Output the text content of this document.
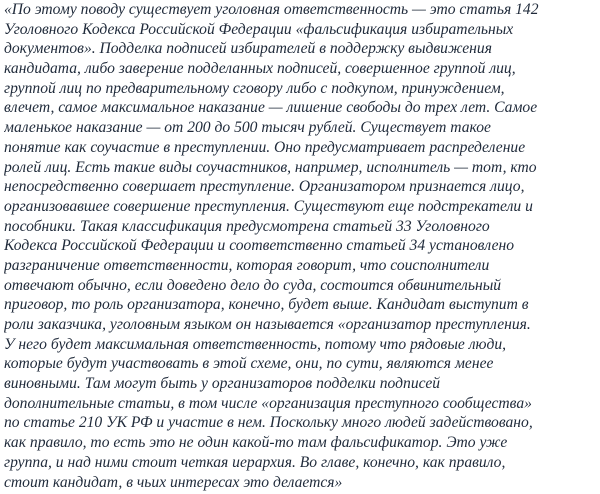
«По этому поводу существует уголовная ответственность — это статья 142
Уголовного Кодекса Российской Федерации «фальсификация избирательных
документов». Подделка подписей избирателей в поддержку выдвижения
кандидата, либо заверение подделанных подписей, совершенное группой лиц,
группой лиц по предварительному сговору либо с подкупом, принуждением,
влечет, самое максимальное наказание — лишение свободы до трех лет. Самое
маленькое наказание — от 200 до 500 тысяч рублей. Существует такое
понятие как соучастие в преступлении. Оно предусматривает распределение
ролей лиц. Есть такие виды соучастников, например, исполнитель — тот, кто
непосредственно совершает преступление. Организатором признается лицо,
организовавшее совершение преступления. Существуют еще подстрекатели и
пособники. Такая классификация предусмотрена статьей 33 Уголовного
Кодекса Российской Федерации и соответственно статьей 34 установлено
разграничение ответственности, которая говорит, что соисполнители
отвечают обычно, если доведено дело до суда, состоится обвинительный
приговор, то роль организатора, конечно, будет выше. Кандидат выступит в
роли заказчика, уголовным языком он называется «организатор преступления.
У него будет максимальная ответственность, потому что рядовые люди,
которые будут участвовать в этой схеме, они, по сути, являются менее
виновными. Там могут быть у организаторов подделки подписей
дополнительные статьи, в том числе «организация преступного сообщества»
по статье 210 УК РФ и участие в нем. Поскольку много людей задействовано,
как правило, то есть это не один какой-то там фальсификатор. Это уже
группа, и над ними стоит четкая иерархия. Во главе, конечно, как правило,
стоит кандидат, в чьих интересах это делается»
